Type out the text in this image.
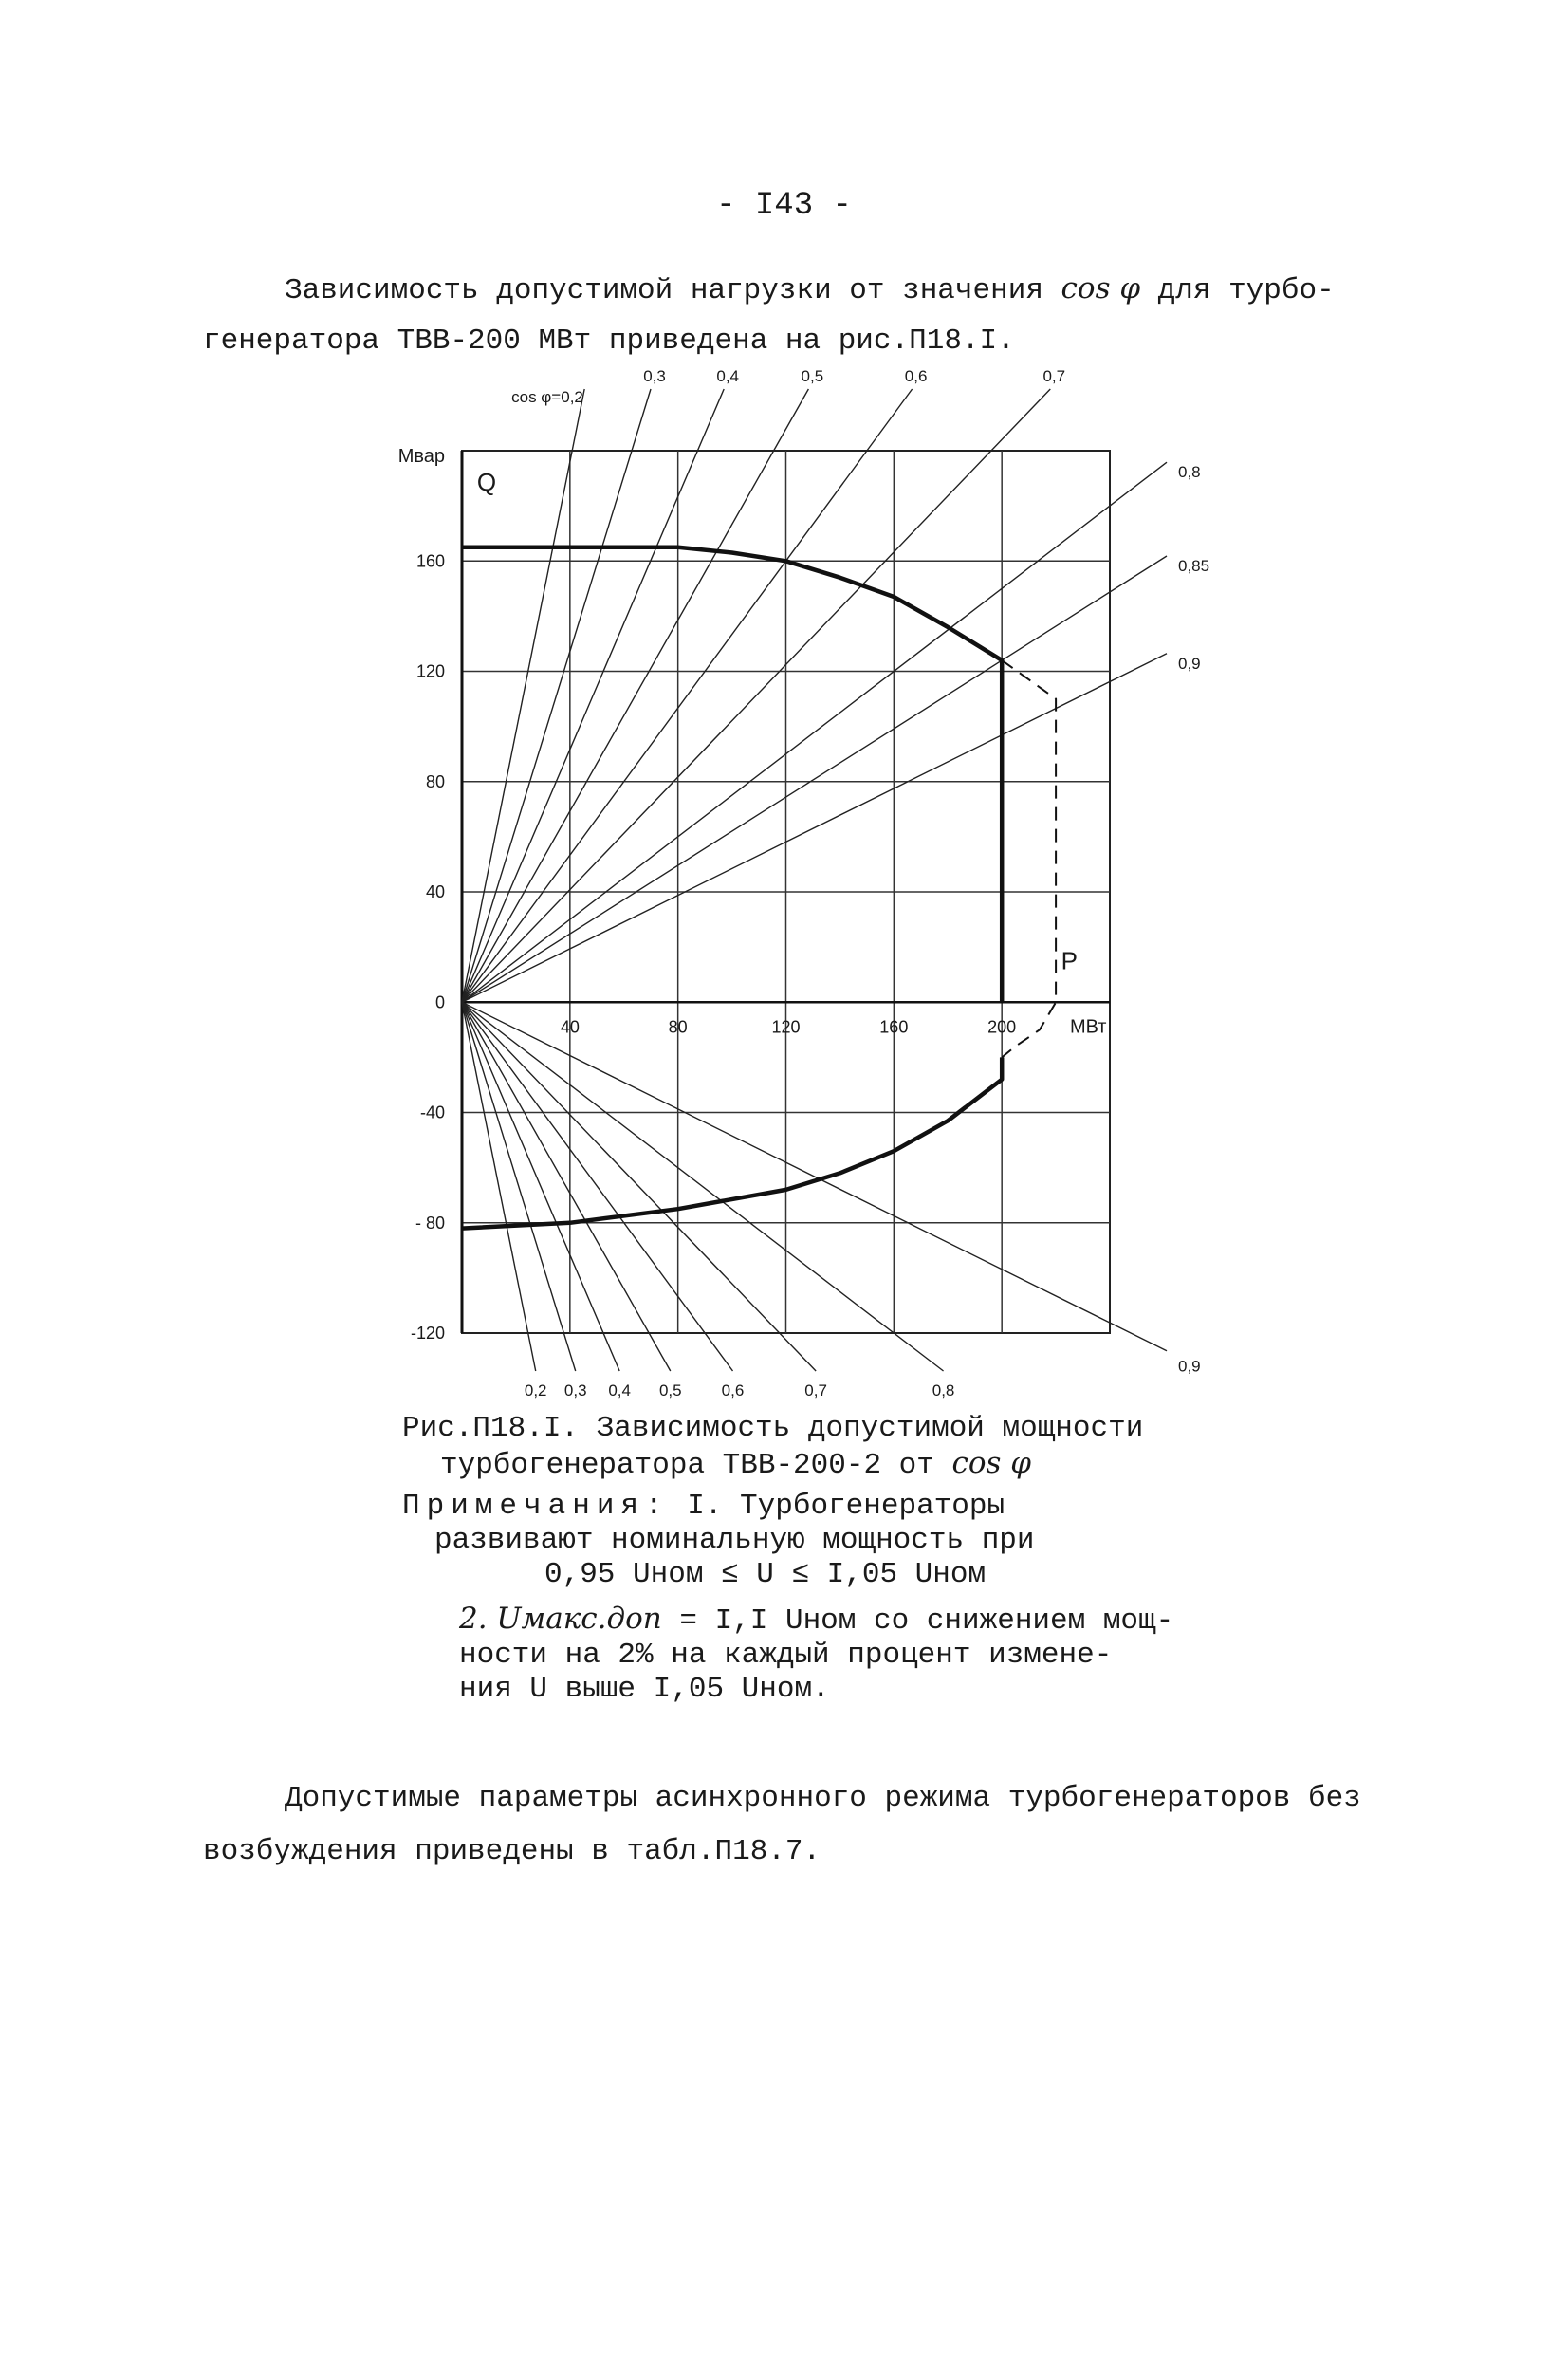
- I43 -
Зависимость допустимой нагрузки от значения cos φ для турбо-
генератора ТВВ-200 МВт приведена на рис.П18.I.
40	80	120	160	200
160
120
80
40
0
-40
- 80
-120
Мвар
МВт
Q
P
0,3	0,4	0,5	0,6	0,7
0,8
0,85
0,9
cos φ=0,2
0,2 0,3 0,4 0,5 0,6	0,7	0,8
0,9
Рис.П18.I. Зависимость допустимой мощности
турбогенератора ТВВ-200-2 от cos φ
Примечания: I. Турбогенераторы
развивают номинальную мощность при
0,95 Uном ≤ U ≤ I,05 Uном
2. Uмакс.доп = I,I Uном со снижением мощ-
ности на 2% на каждый процент измене-
ния U выше I,05 Uном.
Допустимые параметры асинхронного режима турбогенераторов без
возбуждения приведены в табл.П18.7.
